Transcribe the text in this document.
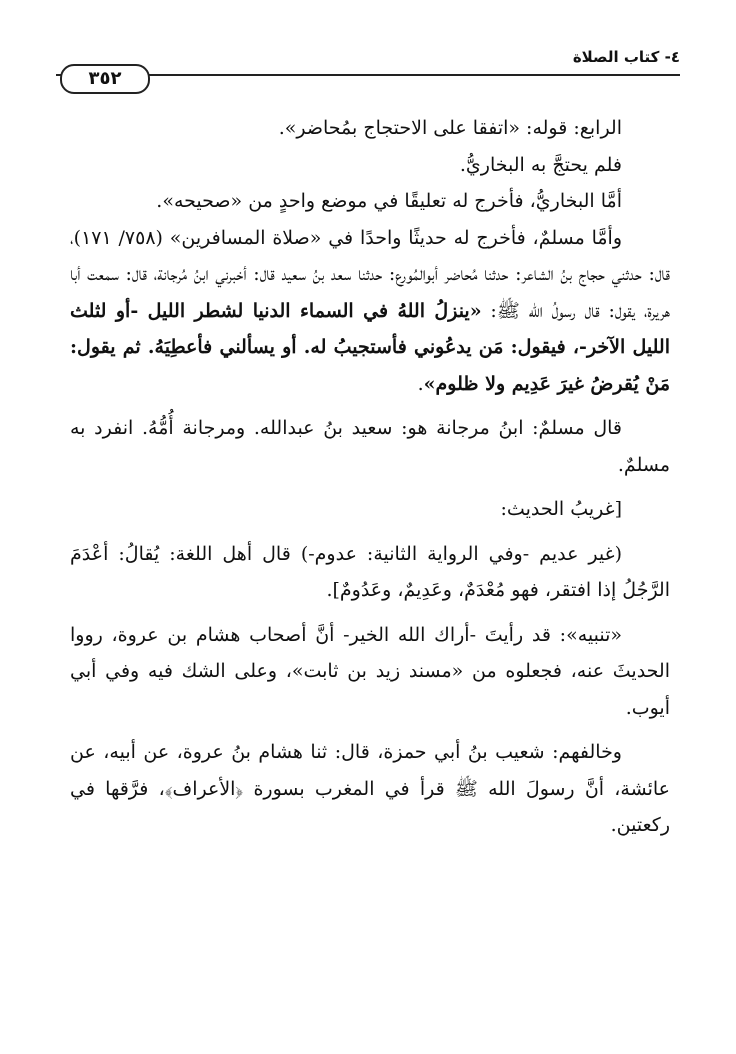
٤- كتاب الصلاة
٣٥٢

الرابع: قوله: «اتفقا على الاحتجاج بمُحاضر».

فلم يحتجَّ به البخاريُّ.

أمَّا البخاريُّ، فأخرج له تعليقًا في موضع واحدٍ من «صحيحه».

وأمَّا مسلمٌ، فأخرج له حديثًا واحدًا في «صلاة المسافرين» (٧٥٨/ ١٧١)، قال: حدثني حجاج بنُ الشاعر: حدثنا مُحاضر أبوالمُورع: حدثنا سعد بنُ سعيد قال: أخبرني ابنُ مُرجانة، قال: سمعت أبا هريرة، يقول: قال رسولُ الله ﷺ: «ينزلُ اللهُ في السماء الدنيا لشطر الليل -أو لثلث الليل الآخر-، فيقول: مَن يدعُوني فأستجيبُ له. أو يسألني فأعطِيَهُ. ثم يقول: مَنْ يُقرضُ غيرَ عَدِيم ولا ظلوم».

قال مسلمٌ: ابنُ مرجانة هو: سعيد بنُ عبدالله. ومرجانة أُمُّهُ. انفرد به مسلمٌ.

[غريبُ الحديث:

(غير عديم -وفي الرواية الثانية: عدوم-) قال أهل اللغة: يُقالُ: أعْدَمَ الرَّجُلُ إذا افتقر، فهو مُعْدَمٌ، وعَدِيمٌ، وعَدُومٌ].

«تنبيه»: قد رأيتَ -أراك الله الخير- أنَّ أصحاب هشام بن عروة، رووا الحديثَ عنه، فجعلوه من «مسند زيد بن ثابت»، وعلى الشك فيه وفي أبي أيوب.

وخالفهم: شعيب بنُ أبي حمزة، قال: ثنا هشام بنُ عروة، عن أبيه، عن عائشة، أنَّ رسولَ الله ﷺ قرأ في المغرب بسورة ﴿الأعراف﴾، فرَّقها في ركعتين.
